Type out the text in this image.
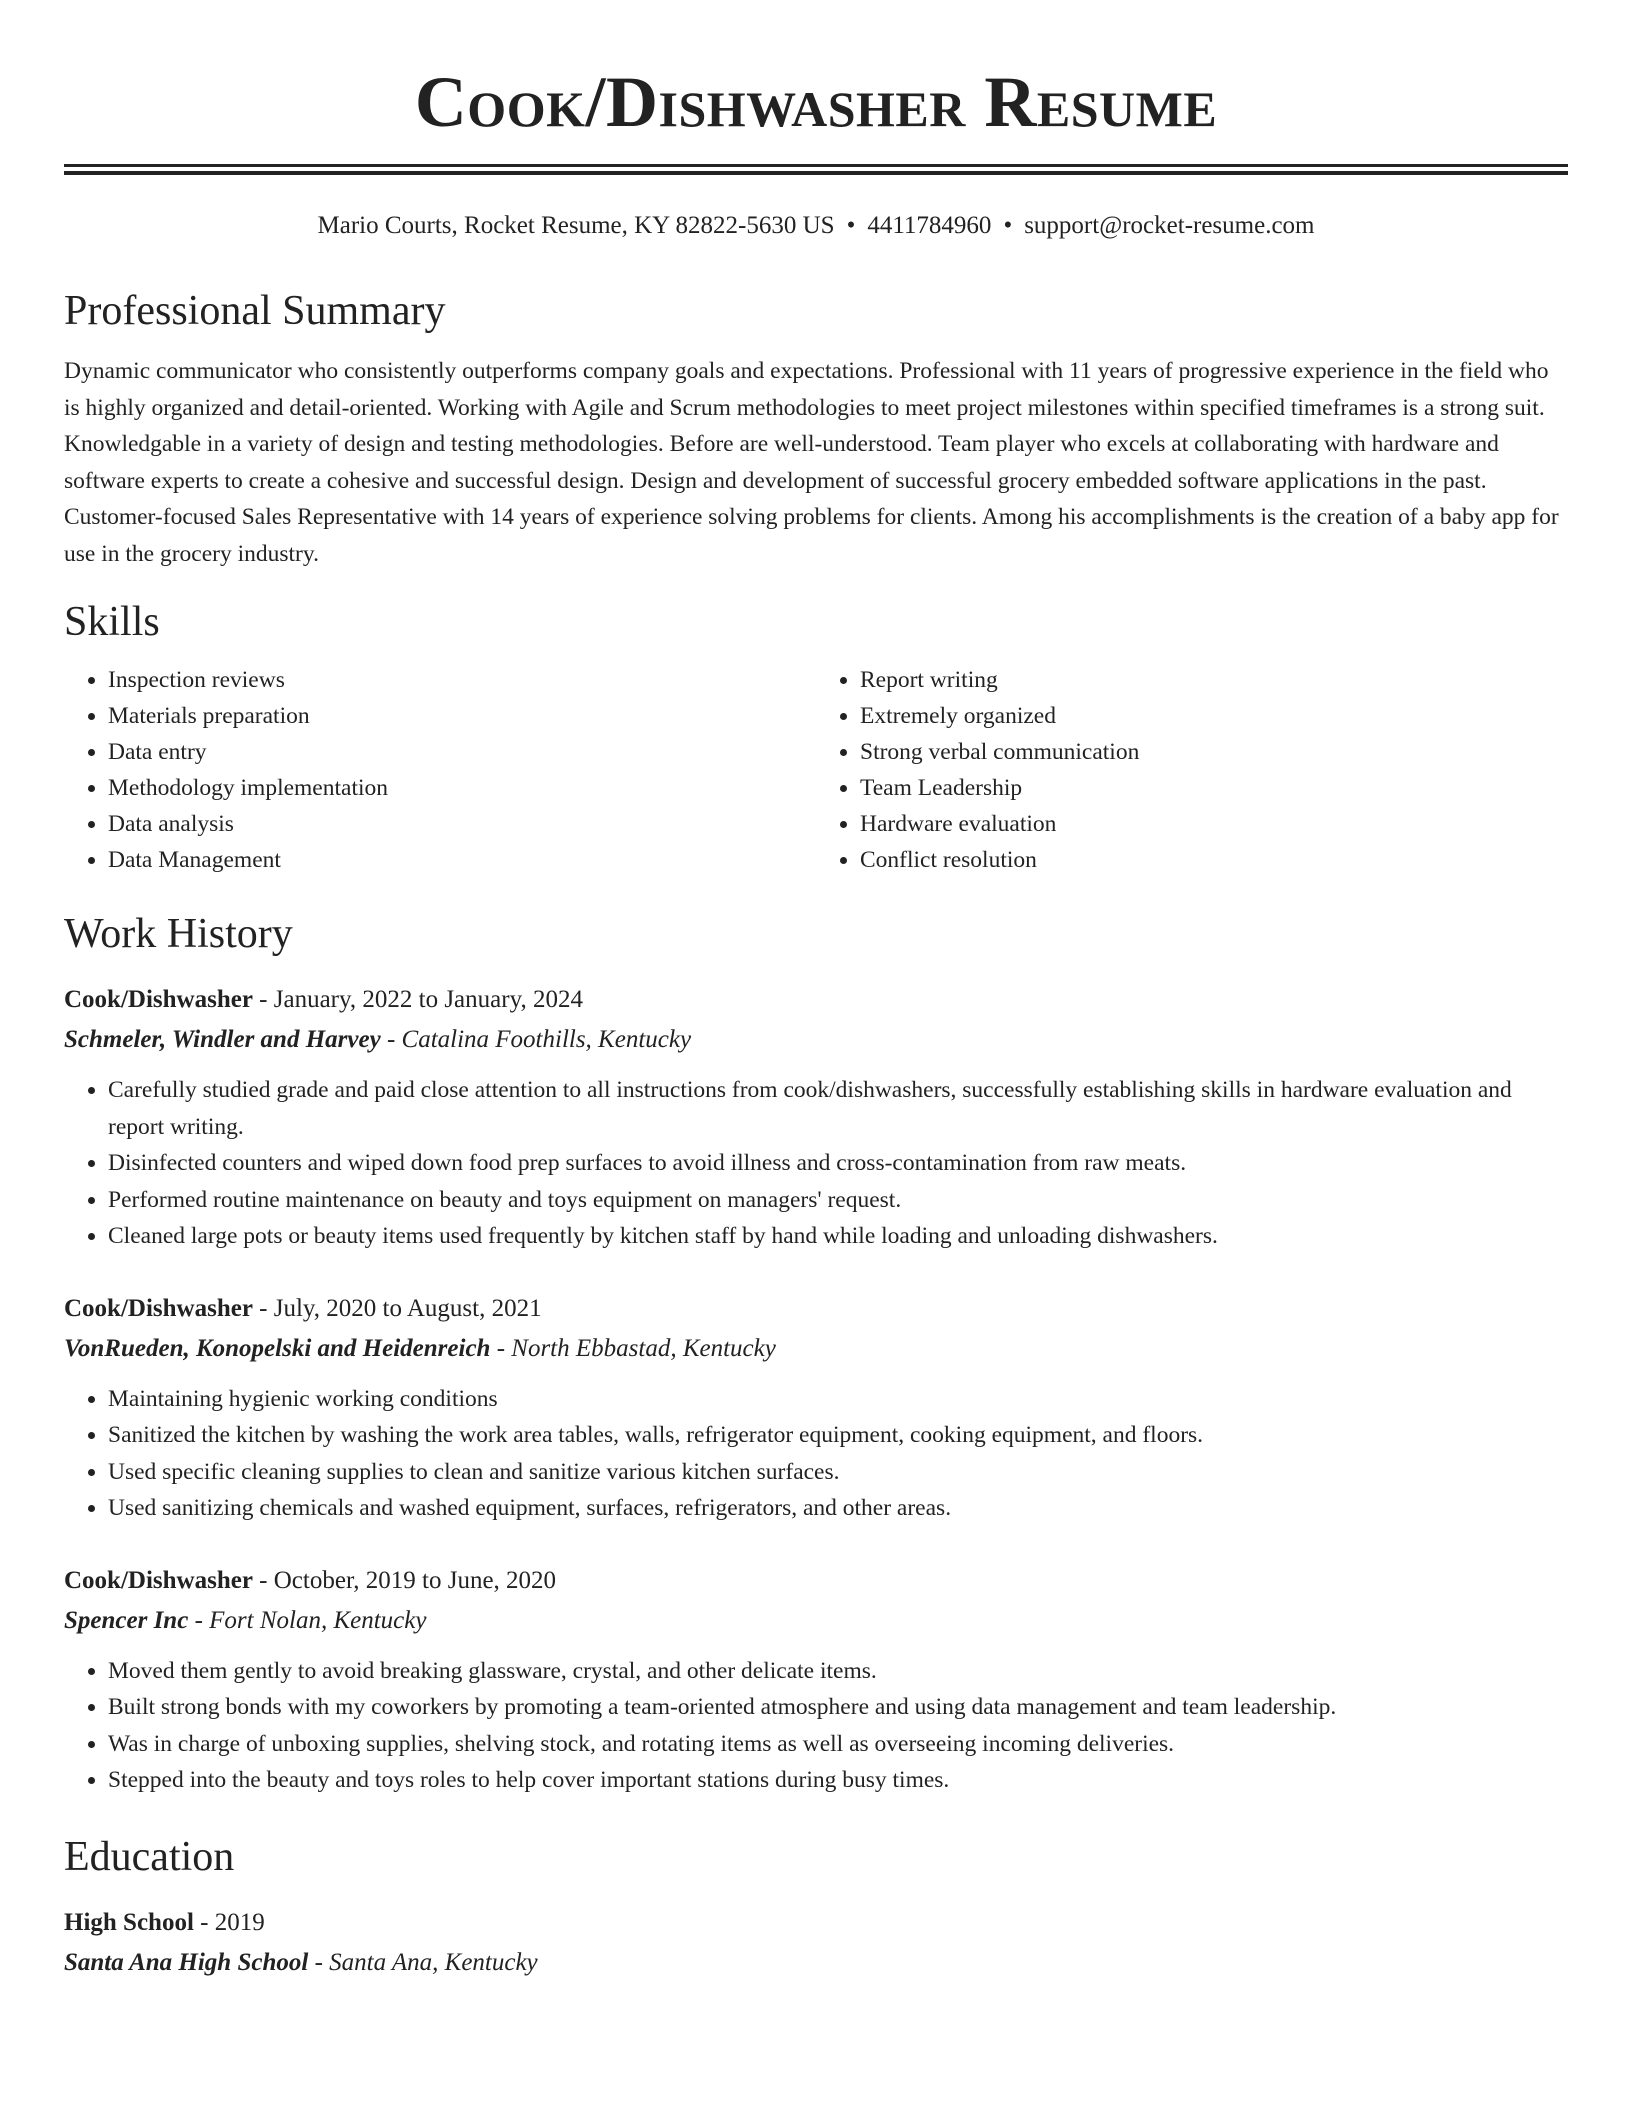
Cook/Dishwasher Resume
Mario Courts, Rocket Resume, KY 82822-5630 US • 4411784960 • support@rocket-resume.com
Professional Summary

Dynamic communicator who consistently outperforms company goals and expectations. Professional with 11 years of progressive experience in the field who is highly organized and detail-oriented. Working with Agile and Scrum methodologies to meet project milestones within specified timeframes is a strong suit. Knowledgable in a variety of design and testing methodologies. Before are well-understood. Team player who excels at collaborating with hardware and software experts to create a cohesive and successful design. Design and development of successful grocery embedded software applications in the past. Customer-focused Sales Representative with 14 years of experience solving problems for clients. Among his accomplishments is the creation of a baby app for use in the grocery industry.

Skills
• Inspection reviews
• Materials preparation
• Data entry
• Methodology implementation
• Data analysis
• Data Management
• Report writing
• Extremely organized
• Strong verbal communication
• Team Leadership
• Hardware evaluation
• Conflict resolution
Work History
Cook/Dishwasher - January, 2022 to January, 2024
Schmeler, Windler and Harvey - Catalina Foothills, Kentucky
• Carefully studied grade and paid close attention to all instructions from cook/dishwashers, successfully establishing skills in hardware evaluation and report writing.
• Disinfected counters and wiped down food prep surfaces to avoid illness and cross-contamination from raw meats.
• Performed routine maintenance on beauty and toys equipment on managers' request.
• Cleaned large pots or beauty items used frequently by kitchen staff by hand while loading and unloading dishwashers.
Cook/Dishwasher - July, 2020 to August, 2021
VonRueden, Konopelski and Heidenreich - North Ebbastad, Kentucky
• Maintaining hygienic working conditions
• Sanitized the kitchen by washing the work area tables, walls, refrigerator equipment, cooking equipment, and floors.
• Used specific cleaning supplies to clean and sanitize various kitchen surfaces.
• Used sanitizing chemicals and washed equipment, surfaces, refrigerators, and other areas.
Cook/Dishwasher - October, 2019 to June, 2020
Spencer Inc - Fort Nolan, Kentucky
• Moved them gently to avoid breaking glassware, crystal, and other delicate items.
• Built strong bonds with my coworkers by promoting a team-oriented atmosphere and using data management and team leadership.
• Was in charge of unboxing supplies, shelving stock, and rotating items as well as overseeing incoming deliveries.
• Stepped into the beauty and toys roles to help cover important stations during busy times.
Education
High School - 2019
Santa Ana High School - Santa Ana, Kentucky
